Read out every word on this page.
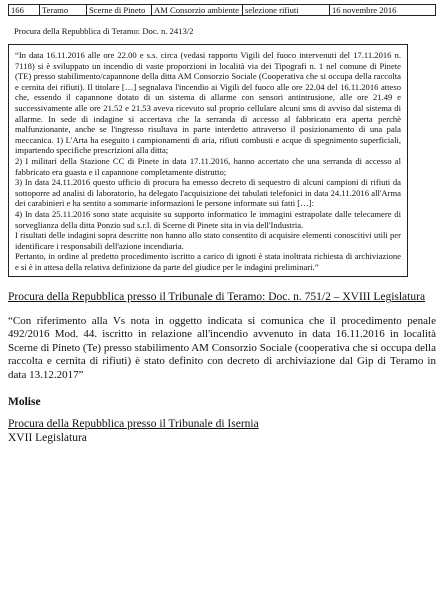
166	Teramo	Scerne di Pineto	AM Consorzio ambiente	selezione rifiuti	16 novembre 2016
Procura della Repubblica di Teramo: Doc. n. 2413/2

“In data 16.11.2016 alle ore 22.00 e s.s. circa (vedasi rapporto Vigili del fuoco intervenuti del 17.11.2016 n. 7118) si è sviluppato un incendio di vaste proporzioni in località via dei Tipografi n. 1 nel comune di Pinete (TE) presso stabilimento/capannone della ditta AM Consorzio Sociale (Cooperativa che si occupa della raccolta e cernita dei rifiuti). Il titolare […] segnalava l'incendio ai Vigili del fuoco alle ore 22.04 del 16.11.2016 atteso che, essendo il capannone dotato di un sistema di allarme con sensori antintrusione, alle ore 21.49 e successivamente alle ore 21.52 e 21.53 aveva ricevuto sul proprio cellulare alcuni sms di avviso dal sistema di allarme. In sede di indagine si accertava che la serranda di accesso al fabbricato era aperta perchè malfunzionante, anche se l'ingresso risultava in parte interdetto attraverso il posizionamento di una pala meccanica. 1) L'Arta ha eseguito i campionamenti di aria, rifiuti combusti e acque di spegnimento superficiali, impartendo specifiche prescrizioni alla ditta;

2) I militari della Stazione CC di Pinete in data 17.11.2016, hanno accertato che una serranda di accesso al fabbricato era guasta e il capannone completamente distrutto;

3) In data 24.11.2016 questo ufficio di procura ha emesso decreto di sequestro di alcuni campioni di rifiuti da sottoporre ad analisi di laboratorio, ha delegato l'acquisizione dei tabulati telefonici in data 24.11.2016 all'Arma dei carabinieri e ha sentito a sommarie informazioni le persone informate sui fatti […]:

4) In data 25.11.2016 sono state acquisite su supporto informatico le immagini estrapolate dalle telecamere di sorveglianza della ditta Ponzio sud s.r.l. di Scerne di Pinete sita in via dell'Industria.

I risultati delle indagini sopra descritte non hanno allo stato consentito di acquisire elementi conoscitivi utili per identificare i responsabili dell'azione incendiaria.

Pertanto, in ordine al predetto procedimento iscritto a carico di ignoti è stata inoltrata richiesta di archiviazione e si è in attesa della relativa definizione da parte del giudice per le indagini preliminari.”

Procura della Repubblica presso il Tribunale di Teramo: Doc. n. 751/2 – XVIII Legislatura
“Con riferimento alla Vs nota in oggetto indicata si comunica che il procedimento penale 492/2016 Mod. 44. iscritto in relazione all'incendio avvenuto in data 16.11.2016 in località Scerne di Pineto (Te) presso stabilimento AM Consorzio Sociale (cooperativa che si occupa della raccolta e cernita di rifiuti) è stato definito con decreto di archiviazione dal Gip di Teramo in data 13.12.2017”
Molise
Procura della Repubblica presso il Tribunale di Isernia
XVII Legislatura
